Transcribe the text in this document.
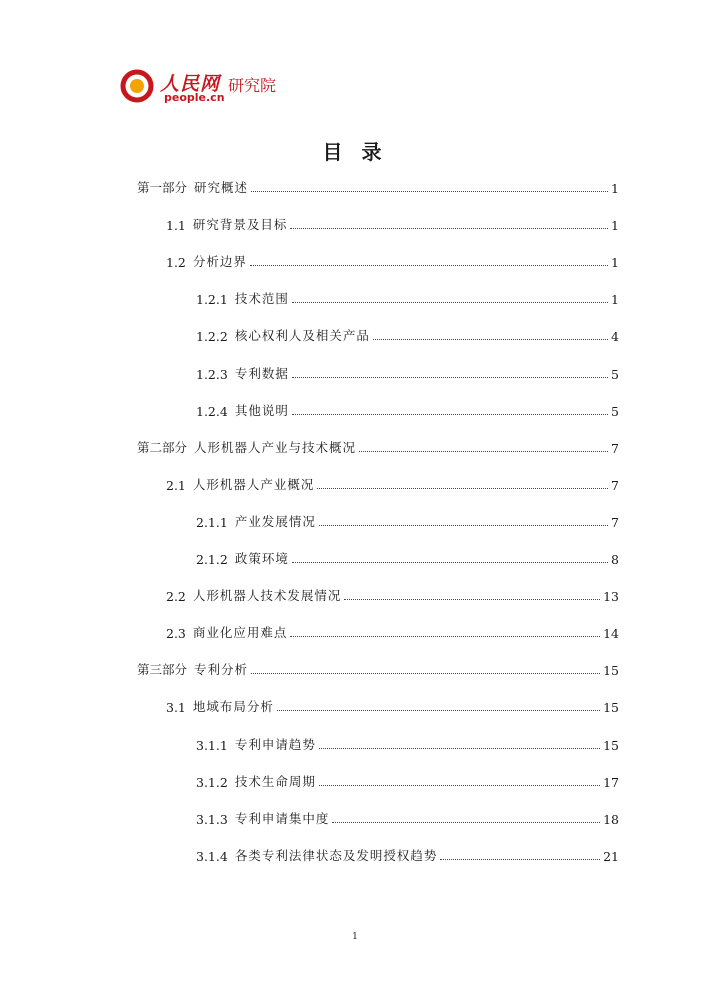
人民网
people.cn
研究院
目 录
第一部分 研究概述	1
1.1 研究背景及目标	1
1.2 分析边界	1
1.2.1 技术范围	1
1.2.2 核心权利人及相关产品	4
1.2.3 专利数据	5
1.2.4 其他说明	5
第二部分 人形机器人产业与技术概况	7
2.1 人形机器人产业概况	7
2.1.1 产业发展情况	7
2.1.2 政策环境	8
2.2 人形机器人技术发展情况	13
2.3 商业化应用难点	14
第三部分 专利分析	15
3.1 地域布局分析	15
3.1.1 专利申请趋势	15
3.1.2 技术生命周期	17
3.1.3 专利申请集中度	18
3.1.4 各类专利法律状态及发明授权趋势	21
1
